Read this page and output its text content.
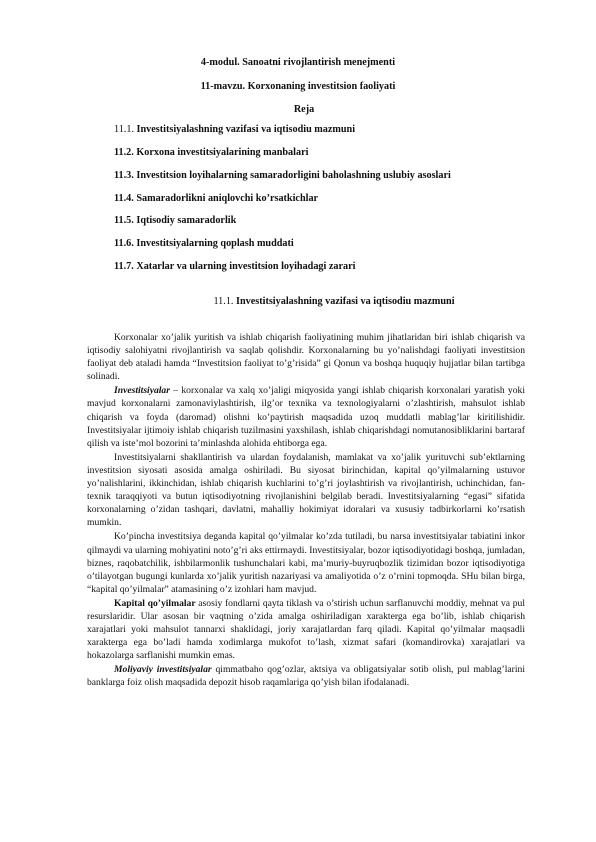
4-modul. Sanoatni rivojlantirish menejmenti
11-mavzu. Korxonaning investitsion faoliyati
Reja
11.1. Investitsiyalashning vazifasi va iqtisodiu mazmuni
11.2. Korxona investitsiyalarining manbalari
11.3. Investitsion loyihalarning samaradorligini baholashning uslubiy asoslari
11.4. Samaradorlikni aniqlovchi ko’rsatkichlar
11.5. Iqtisodiy samaradorlik
11.6. Investitsiyalarning qoplash muddati
11.7. Xatarlar va ularning investitsion loyihadagi zarari
11.1. Investitsiyalashning vazifasi va iqtisodiu mazmuni

Korxonalar xo’jalik yuritish va ishlab chiqarish faoliyatining muhim jihatlaridan biri ishlab chiqarish va iqtisodiy salohiyatni rivojlantirish va saqlab qolishdir. Korxonalarning bu yo’nalishdagi faoliyati investitsion faoliyat deb ataladi hamda “Investitsion faoliyat to’g’risida” gi Qonun va boshqa huquqiy hujjatlar bilan tartibga solinadi.

Investitsiyalar – korxonalar va xalq xo’jaligi miqyosida yangi ishlab chiqarish korxonalari yaratish yoki mavjud korxonalarni zamonaviylashtirish, ilg’or texnika va texnologiyalarni o’zlashtirish, mahsulot ishlab chiqarish va foyda (daromad) olishni ko’paytirish maqsadida uzoq muddatli mablag’lar kiritilishidir. Investitsiyalar ijtimoiy ishlab chiqarish tuzilmasini yaxshilash, ishlab chiqarishdagi nomutanosibliklarini bartaraf qilish va iste’mol bozorini ta’minlashda alohida ehtiborga ega.

Investitsiyalarni shakllantirish va ulardan foydalanish, mamlakat va xo’jalik yurituvchi sub’ektlarning investitsion siyosati asosida amalga oshiriladi. Bu siyosat birinchidan, kapital qo’yilmalarning ustuvor yo’nalishlarini, ikkinchidan, ishlab chiqarish kuchlarini to’g’ri joylashtirish va rivojlantirish, uchinchidan, fan-texnik taraqqiyoti va butun iqtisodiyotning rivojlanishini belgilab beradi. Investitsiyalarning “egasi” sifatida korxonalarning o’zidan tashqari, davlatni, mahalliy hokimiyat idoralari va xususiy tadbirkorlarni ko’rsatish mumkin.

Ko’pincha investitsiya deganda kapital qo’yilmalar ko’zda tutiladi, bu narsa investitsiyalar tabiatini inkor qilmaydi va ularning mohiyatini noto’g’ri aks ettirmaydi. Investitsiyalar, bozor iqtisodiyotidagi boshqa, jumladan, biznes, raqobatchilik, ishbilarmonlik tushunchalari kabi, ma’muriy-buyruqbozlik tizimidan bozor iqtisodiyotiga o’tilayotgan bugungi kunlarda xo’jalik yuritish nazariyasi va amaliyotida o’z o’rnini topmoqda. SHu bilan birga, “kapital qo’yilmalar” atamasining o’z izohlari ham mavjud.

Kapital qo’yilmalar asosiy fondlarni qayta tiklash va o’stirish uchun sarflanuvchi moddiy, mehnat va pul resurslaridir. Ular asosan bir vaqtning o’zida amalga oshiriladigan xarakterga ega bo’lib, ishlab chiqarish xarajatlari yoki mahsulot tannarxi shaklidagi, joriy xarajatlardan farq qiladi. Kapital qo’yilmalar maqsadli xarakterga ega bo’ladi hamda xodimlarga mukofot to’lash, xizmat safari (komandirovka) xarajatlari va hokazolarga sarflanishi mumkin emas.

Moliyaviy investitsiyalar qimmatbaho qog’ozlar, aktsiya va obligatsiyalar sotib olish, pul mablag’larini banklarga foiz olish maqsadida depozit hisob raqamlariga qo’yish bilan ifodalanadi.
